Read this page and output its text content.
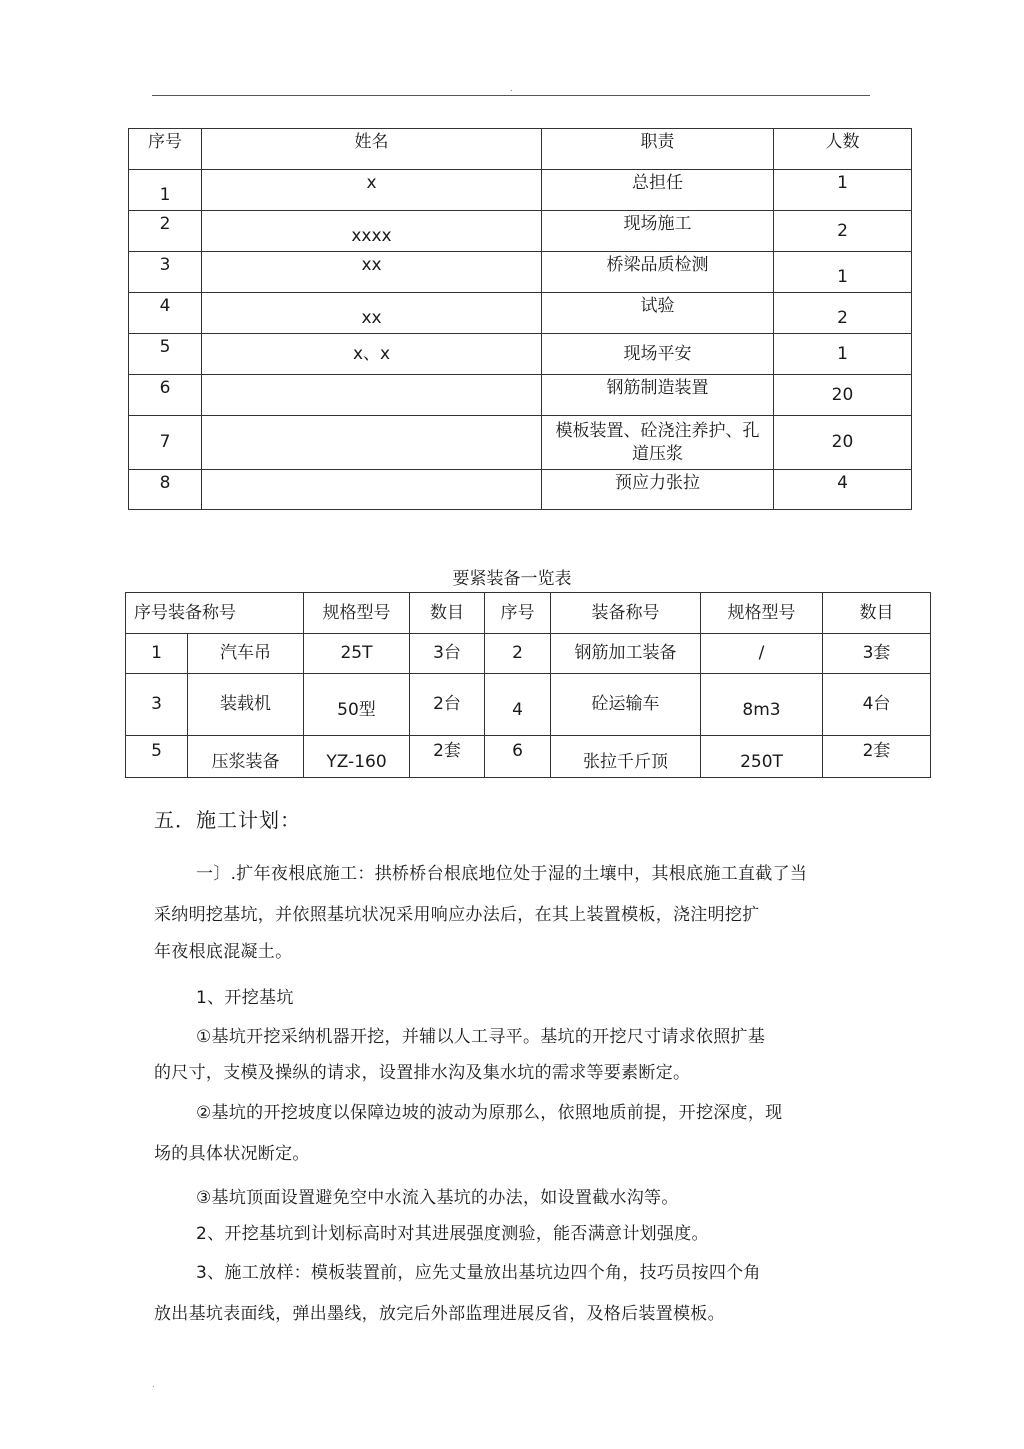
.
序号	姓名	职责	人数
1	x	总担任	1
2	xxxx	现场施工	2
3	xx	桥梁品质检测	1
4	xx	试验	2
5	x、x	现场平安	1
6		钢筋制造装置	20
7		模板装置、砼浇注养护、孔道压浆	20
8		预应力张拉	4
要紧装备一览表
序号装备称号		规格型号	数目	序号	装备称号	规格型号	数目
1	汽车吊	25T	3台	2	钢筋加工装备	/	3套
3	装载机	50型	2台	4	砼运输车	8m3	4台
5	压浆装备	YZ-160	2套	6	张拉千斤顶	250T	2套
五．施工计划：
一〕.扩年夜根底施工：拱桥桥台根底地位处于湿的土壤中，其根底施工直截了当
采纳明挖基坑，并依照基坑状况采用响应办法后，在其上装置模板，浇注明挖扩
年夜根底混凝土。
1、开挖基坑
①基坑开挖采纳机器开挖，并辅以人工寻平。基坑的开挖尺寸请求依照扩基
的尺寸，支模及操纵的请求，设置排水沟及集水坑的需求等要素断定。
②基坑的开挖坡度以保障边坡的波动为原那么，依照地质前提，开挖深度，现
场的具体状况断定。
③基坑顶面设置避免空中水流入基坑的办法，如设置截水沟等。
2、开挖基坑到计划标高时对其进展强度测验，能否满意计划强度。
3、施工放样：模板装置前，应先丈量放出基坑边四个角，技巧员按四个角
放出基坑表面线，弹出墨线，放完后外部监理进展反省，及格后装置模板。
.
